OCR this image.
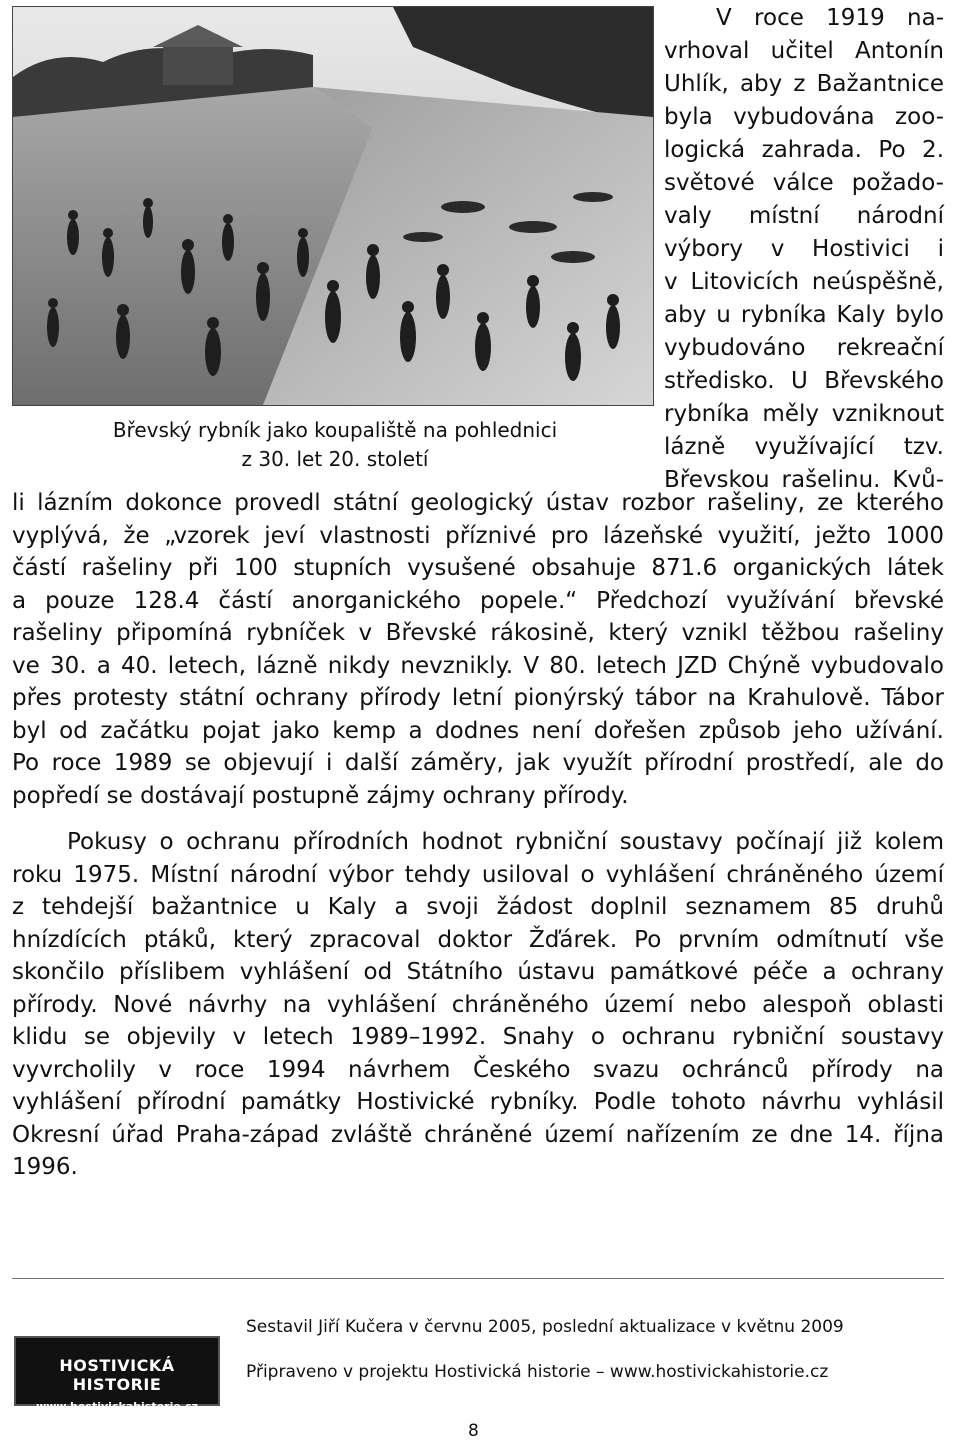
Břevský rybník jako koupaliště na pohlednici
z 30. let 20. století
V roce 1919 na-
vrhoval učitel Antonín
Uhlík, aby z Bažantnice
byla vybudována zoo-
logická zahrada. Po 2.
světové válce požado-
valy místní národní
výbory v Hostivici i
v Litovicích neúspěšně,
aby u rybníka Kaly bylo
vybudováno rekreační
středisko. U Břevského
rybníka měly vzniknout
lázně využívající tzv.
Břevskou rašelinu. Kvů-
li lázním dokonce provedl státní geologický ústav rozbor rašeliny, ze kterého
vyplývá, že „vzorek jeví vlastnosti příznivé pro lázeňské využití, ježto 1000
částí rašeliny při 100 stupních vysušené obsahuje 871.6 organických látek
a pouze 128.4 částí anorganického popele.“ Předchozí využívání břevské
rašeliny připomíná rybníček v Břevské rákosině, který vznikl těžbou rašeliny
ve 30. a 40. letech, lázně nikdy nevznikly. V 80. letech JZD Chýně vybudovalo
přes protesty státní ochrany přírody letní pionýrský tábor na Krahulově. Tábor
byl od začátku pojat jako kemp a dodnes není dořešen způsob jeho užívání.
Po roce 1989 se objevují i další záměry, jak využít přírodní prostředí, ale do
popředí se dostávají postupně zájmy ochrany přírody.
Pokusy o ochranu přírodních hodnot rybniční soustavy počínají již kolem
roku 1975. Místní národní výbor tehdy usiloval o vyhlášení chráněného území
z tehdejší bažantnice u Kaly a svoji žádost doplnil seznamem 85 druhů
hnízdících ptáků, který zpracoval doktor Žďárek. Po prvním odmítnutí vše
skončilo příslibem vyhlášení od Státního ústavu památkové péče a ochrany
přírody. Nové návrhy na vyhlášení chráněného území nebo alespoň oblasti
klidu se objevily v letech 1989–1992. Snahy o ochranu rybniční soustavy
vyvrcholily v roce 1994 návrhem Českého svazu ochránců přírody na
vyhlášení přírodní památky Hostivické rybníky. Podle tohoto návrhu vyhlásil
Okresní úřad Praha-západ zvláště chráněné území nařízením ze dne 14. října
1996.
HOSTIVICKÁ HISTORIE
www.hostivickahistorie.cz
Sestavil Jiří Kučera v červnu 2005, poslední aktualizace v květnu 2009
Připraveno v projektu Hostivická historie – www.hostivickahistorie.cz
8
